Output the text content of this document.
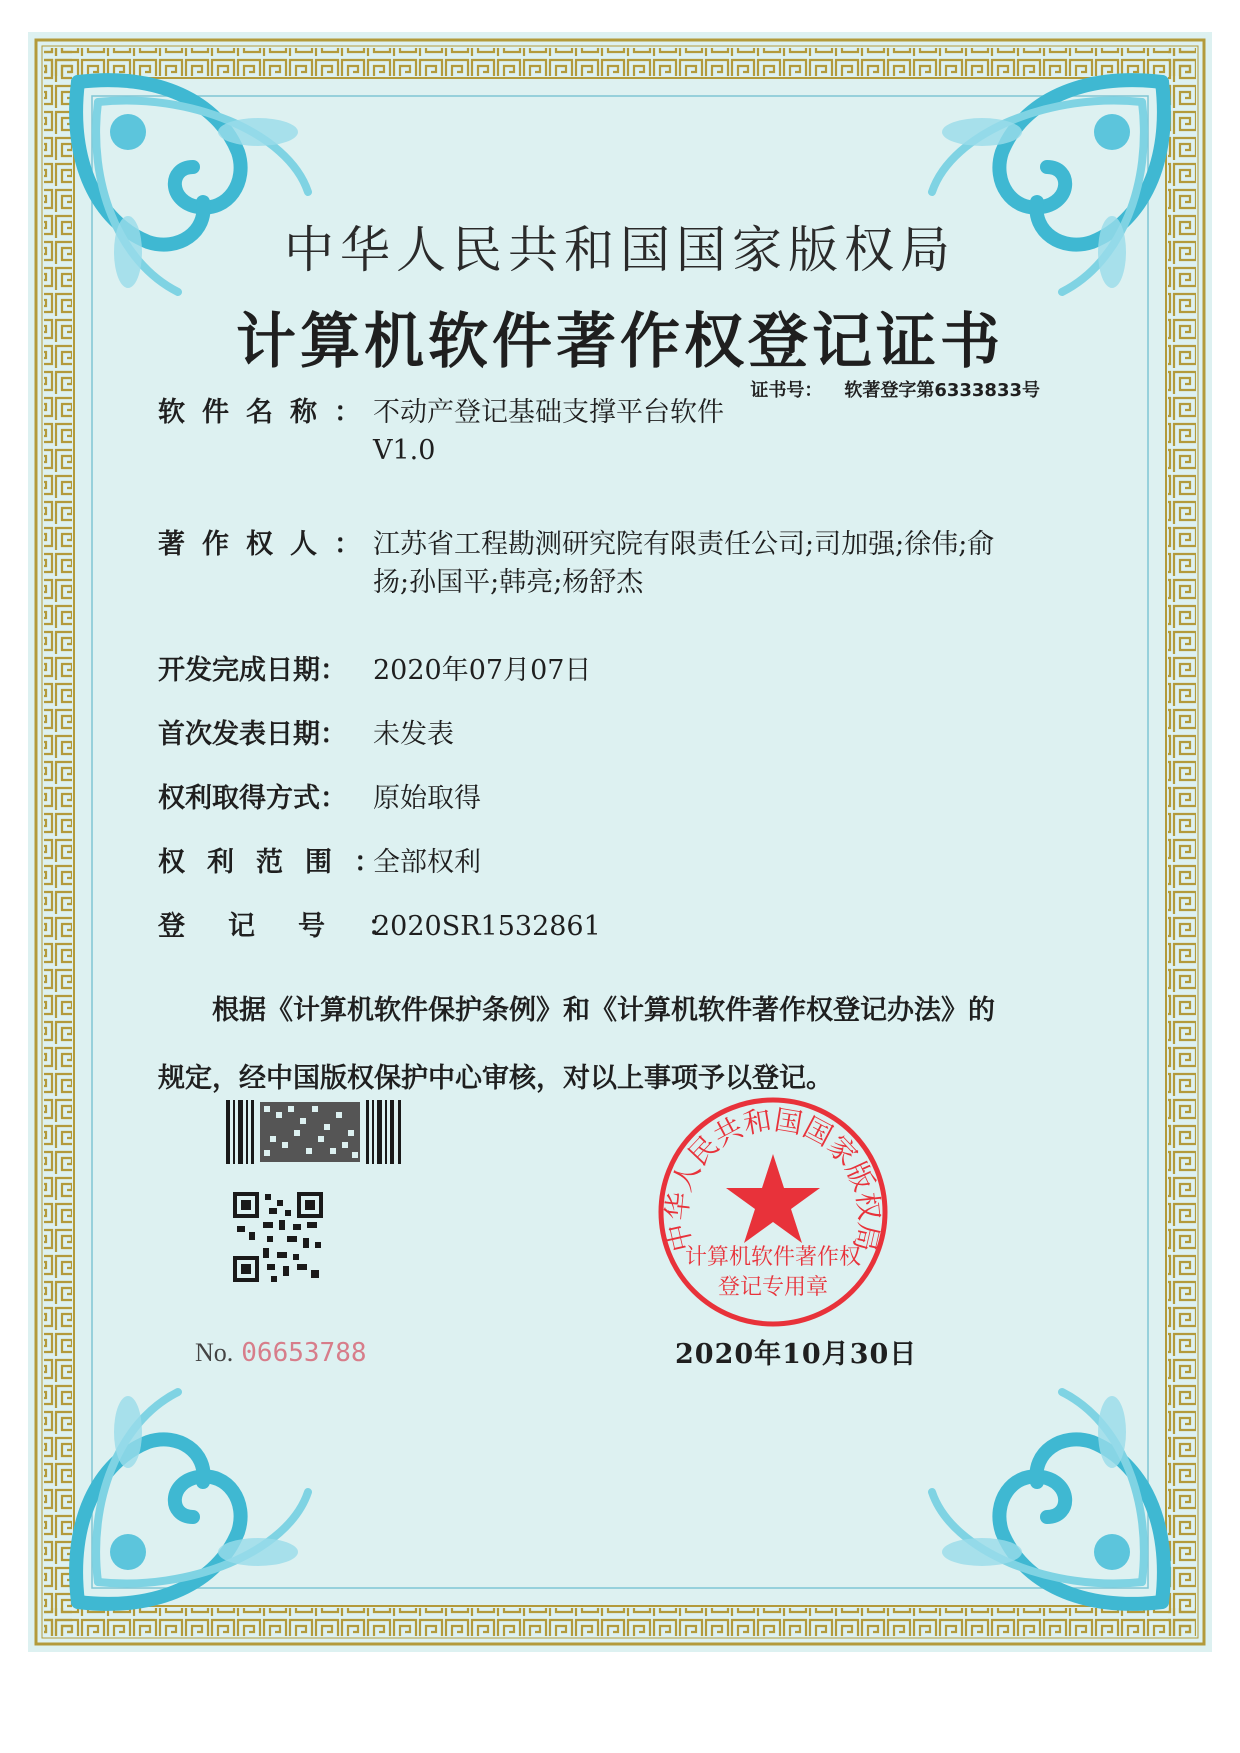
中华人民共和国国家版权局
计算机软件著作权登记证书
证书号： 软著登字第6333833号
软件名称：
不动产登记基础支撑平台软件
V1.0
著作权人：
江苏省工程勘测研究院有限责任公司;司加强;徐伟;俞
扬;孙国平;韩亮;杨舒杰
开发完成日期： 2020年07月07日
首次发表日期： 未发表
权利取得方式： 原始取得
权利范围：
全部权利
登记号：
2020SR1532861
根据《计算机软件保护条例》和《计算机软件著作权登记办法》的
规定，经中国版权保护中心审核，对以上事项予以登记。
No. 06653788
中华人民共和国国家版权局
计算机软件著作权
登记专用章
2020年10月30日
